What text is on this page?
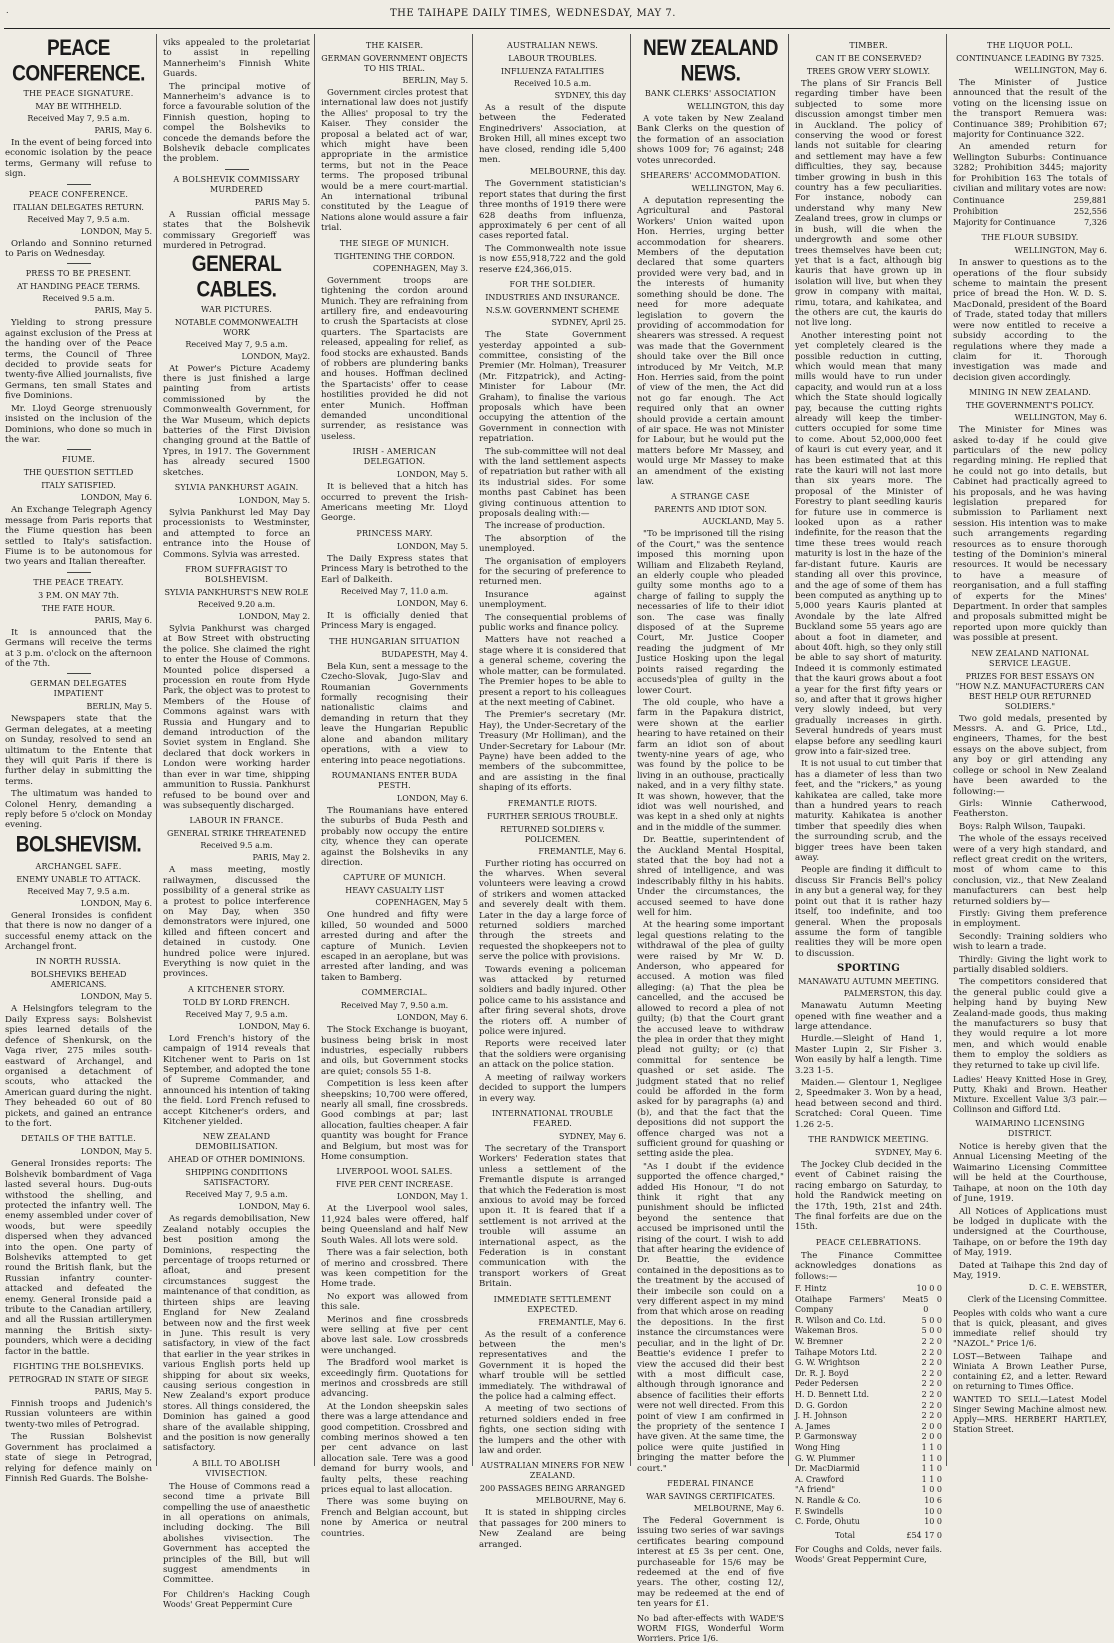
.	THE TAIHAPE DAILY TIMES, WEDNESDAY, MAY 7.
PEACE CONFERENCE.
THE PEACE SIGNATURE.
MAY BE WITHHELD.
Received May 7, 9.5 a.m.
PARIS, May 6.
In the event of being forced into economic isolation by the peace terms, Germany will refuse to sign.
PEACE CONFERENCE.
ITALIAN DELEGATES RETURN.
Received May 7, 9.5 a.m.
LONDON, May 5.
Orlando and Sonnino returned to Paris on Wednesday.
PRESS TO BE PRESENT.
AT HANDING PEACE TERMS.
Received 9.5 a.m.
PARIS, May 5.
Yielding to strong pressure against exclusion of the Press at the handing over of the Peace terms, the Council of Three decided to provide seats for twenty-five Allied journalists, five Germans, ten small States and five Dominions.
Mr. Lloyd George strenuously insisted on the inclusion of the Dominions, who done so much in the war.
FIUME.
THE QUESTION SETTLED
ITALY SATISFIED.
LONDON, May 6.
An Exchange Telegraph Agency message from Paris reports that the Fiume question has been settled to Italy's satisfaction. Fiume is to be autonomous for two years and Italian thereafter.
THE PEACE TREATY.
3 P.M. ON MAY 7th.
THE FATE HOUR.
PARIS, May 6.
It is announced that the Germans will receive the terms at 3 p.m. o'clock on the afternoon of the 7th.
GERMAN DELEGATES IMPATIENT
BERLIN, May 5.
Newspapers state that the German delegates, at a meeting on Sunday, resolved to send an ultimatum to the Entente that they will quit Paris if there is further delay in submitting the terms.
The ultimatum was handed to Colonel Henry, demanding a reply before 5 o'clock on Monday evening.
BOLSHEVISM.
ARCHANGEL SAFE.
ENEMY UNABLE TO ATTACK.
Received May 7, 9.5 a.m.
LONDON, May 6.
General Ironsides is confident that there is now no danger of a successful enemy attack on the Archangel front.
IN NORTH RUSSIA.
BOLSHEVIKS BEHEAD AMERICANS.
LONDON, May 5.
A Helsingfors telegram to the Daily Express says: Bolshevist spies learned details of the defence of Shenkursk, on the Vaga river, 275 miles south-eastward of Archangel, and organised a detachment of scouts, who attacked the American guard during the night. They beheaded 60 out of 80 pickets, and gained an entrance to the fort.
DETAILS OF THE BATTLE.
LONDON, May 5.
General Ironsides reports: The Bolshevik bombardment of Vaga lasted several hours. Dug-outs withstood the shelling, and protected the infantry well. The enemy assembled under cover of woods, but were speedily dispersed when they advanced into the open. One party of Bolsheviks attempted to get round the British flank, but the Russian infantry counter-attacked and defeated the enemy. General Ironside paid a tribute to the Canadian artillery, and all the Russian artillerymen manning the British sixty-pounders, which were a deciding factor in the battle.
FIGHTING THE BOLSHEVIKS.
PETROGRAD IN STATE OF SIEGE
PARIS, May 5.
Finnish troops and Judenich's Russian volunteers are within twenty-two miles of Petrograd.
The Russian Bolshevist Government has proclaimed a state of siege in Petrograd, relying for defence mainly on Finnish Red Guards. The Bolshe-
viks appealed to the proletariat to assist in repelling Mannerheim's Finnish White Guards.
The principal motive of Mannerheim's advance is to force a favourable solution of the Finnish question, hoping to compel the Bolsheviks to concede the demands before the Bolshevik debacle complicates the problem.
A BOLSHEVIK COMMISSARY MURDERED
PARIS May 5.
A Russian official message states that the Bolshevik commissary Gregorieff was murdered in Petrograd.
GENERAL CABLES.
WAR PICTURES.
NOTABLE COMMONWEALTH WORK
Received May 7, 9.5 a.m.
LONDON, May2.
At Power's Picture Academy there is just finished a large painting from artists commissioned by the Commonwealth Government, for the War Museum, which depicts batteries of the First Division changing ground at the Battle of Ypres, in 1917. The Government has already secured 1500 sketches.
SYLVIA PANKHURST AGAIN.
LONDON, May 5.
Sylvia Pankhurst led May Day processionists to Westminster, and attempted to force an entrance into the House of Commons. Sylvia was arrested.
FROM SUFFRAGIST TO BOLSHEVISM.
SYLVIA PANKHURST'S NEW ROLE
Received 9.20 a.m.
LONDON, May 2.
Sylvia Pankhurst was charged at Bow Street with obstructing the police. She claimed the right to enter the House of Commons. Mounted police dispersed a procession en route from Hyde Park, the object was to protest to Members of the House of Commons against wars with Russia and Hungary and to demand introduction of the Soviet system in England. She declared that dock workers in London were working harder than ever in war time, shipping ammunition to Russia. Pankhurst refused to be bound over and was subsequently discharged.
LABOUR IN FRANCE.
GENERAL STRIKE THREATENED
Received 9.5 a.m.
PARIS, May 2.
A mass meeting, mostly railwaymen, discussed the possibility of a general strike as a protest to police interference on May Day, when 350 demonstrators were injured, one killed and fifteen concert and detained in custody. One hundred police were injured. Everything is now quiet in the provinces.
A KITCHENER STORY.
TOLD BY LORD FRENCH.
Received May 7, 9.5 a.m.
LONDON, May 6.
Lord French's history of the campaign of 1914 reveals that Kitchener went to Paris on 1st September, and adopted the tone of Supreme Commander, and announced his intention of taking the field. Lord French refused to accept Kitchener's orders, and Kitchener yielded.
NEW ZEALAND DEMOBILISATION.
AHEAD OF OTHER DOMINIONS.
SHIPPING CONDITIONS SATISFACTORY.
Received May 7, 9.5 a.m.
LONDON, May 6.
As regards demobilisation, New Zealand notably occupies the best position among the Dominions, respecting the percentage of troops returned or afloat, and present circumstances suggest the maintenance of that condition, as thirteen ships are leaving England for New Zealand between now and the first week in June. This result is very satisfactory, in view of the fact that earlier in the year strikes in various English ports held up shipping for about six weeks, causing serious congestion in New Zealand's export produce stores. All things considered, the Dominion has gained a good share of the available shipping, and the position is now generally satisfactory.
A BILL TO ABOLISH VIVISECTION.
The House of Commons read a second time a private Bill compelling the use of anaesthetic in all operations on animals, including docking. The Bill abolishes vivisection. The Government has accepted the principles of the Bill, but will suggest amendments in Committee.
For Children's Hacking Cough Woods' Great Peppermint Cure
THE KAISER.
GERMAN GOVERNMENT OBJECTS TO HIS TRIAL.
BERLIN, May 5.
Government circles protest that international law does not justify the Allies' proposal to try the Kaiser. They consider the proposal a belated act of war, which might have been appropriate in the armistice terms, but not in the Peace terms. The proposed tribunal would be a mere court-martial. An international tribunal constituted by the League of Nations alone would assure a fair trial.
THE SIEGE OF MUNICH.
TIGHTENING THE CORDON.
COPENHAGEN, May 3.
Government troops are tightening the cordon around Munich. They are refraining from artillery fire, and endeavouring to crush the Spartacists at close quarters. The Spartacists are released, appealing for relief, as food stocks are exhausted. Bands of robbers are plundering banks and houses. Hoffman declined the Spartacists' offer to cease hostilities provided he did not enter Munich. Hoffman demanded unconditional surrender, as resistance was useless.
IRISH - AMERICAN DELEGATION.
LONDON, May 5.
It is believed that a hitch has occurred to prevent the Irish-Americans meeting Mr. Lloyd George.
PRINCESS MARY.
LONDON, May 5.
The Daily Express states that Princess Mary is betrothed to the Earl of Dalkeith.
Received May 7, 11.0 a.m.
LONDON, May 6.
It is officially denied that Princess Mary is engaged.
THE HUNGARIAN SITUATION
BUDAPESTH, May 4.
Bela Kun, sent a message to the Czecho-Slovak, Jugo-Slav and Roumanian Governments formally recognising their nationalistic claims and demanding in return that they leave the Hungarian Republic alone and abandon military operations, with a view to entering into peace negotiations.
ROUMANIANS ENTER BUDA PESTH.
LONDON, May 6.
The Roumanians have entered the suburbs of Buda Pesth and probably now occupy the entire city, whence they can operate against the Bolsheviks in any direction.
CAPTURE OF MUNICH.
HEAVY CASUALTY LIST
COPENHAGEN, May 5
One hundred and fifty were killed, 50 wounded and 5000 arrested during and after the capture of Munich. Levien escaped in an aeroplane, but was arrested after landing, and was taken to Bamberg.
COMMERCIAL.
Received May 7, 9.50 a.m.
LONDON, May 6.
The Stock Exchange is buoyant, business being brisk in most industries, especially rubbers and oils, but Government stocks are quiet; consols 55 1-8.
Competition is less keen after sheepskins; 10,700 were offered, nearly all small, fine crossbreds. Good combings at par; last allocation, faulties cheaper. A fair quantity was bought for France and Belgium, but most was for Home consumption.
LIVERPOOL WOOL SALES.
FIVE PER CENT INCREASE.
LONDON, May 1.
At the Liverpool wool sales, 11,924 bales were offered, half being Queensland and half New South Wales. All lots were sold.
There was a fair selection, both of merino and crossbred. There was keen competition for the Home trade.
No export was allowed from this sale.
Merinos and fine crossbreds were selling at five per cent above last sale. Low crossbreds were unchanged.
The Bradford wool market is exceedingly firm. Quotations for merinos and crossbreds are still advancing.
At the London sheepskin sales there was a large attendance and good competition. Crossbred and combing merinos showed a ten per cent advance on last allocation sale. Tere was a good demand for burry wools, and faulty pelts, these reaching prices equal to last allocation.
There was some buying on French and Belgian account, but none by America or neutral countries.
AUSTRALIAN NEWS.
LABOUR TROUBLES.
INFLUENZA FATALITIES
Received 10.5 a.m.
SYDNEY, this day
As a result of the dispute between the Federated Enginedrivers' Association, at Broken Hill, all mines except two have closed, rending idle 5,400 men.
MELBOURNE, this day.
The Government statistician's report states that during the first three months of 1919 there were 628 deaths from influenza, approximately 6 per cent of all cases reported fatal.
The Commonwealth note issue is now £55,918,722 and the gold reserve £24,366,015.
FOR THE SOLDIER.
INDUSTRIES AND INSURANCE.
N.S.W. GOVERNMENT SCHEME
SYDNEY, April 25.
The State Government yesterday appointed a sub-committee, consisting of the Premier (Mr. Holman), Treasurer (Mr. Fitzpatrick), and Acting-Minister for Labour (Mr. Graham), to finalise the various proposals which have been occupying the attention of the Government in connection with repatriation.
The sub-committee will not deal with the land settlement aspects of repatriation but rather with all its industrial sides. For some months past Cabinet has been giving continuous attention to proposals dealing with:—
The increase of production.
The absorption of the unemployed.
The organisation of employers for the securing of preference to returned men.
Insurance against unemployment.
The consequential problems of public works and finance policy.
Matters have not reached a stage where it is considered that a general scheme, covering the whole matter, can be formulated. The Premier hopes to be able to present a report to his colleagues at the next meeting of Cabinet.
The Premier's secretary (Mr. Hay), the Under-Secretary of the Treasury (Mr Holliman), and the Under-Secretary for Labour (Mr. Payne) have been added to the members of the subcommittee, and are assisting in the final shaping of its efforts.
FREMANTLE RIOTS.
FURTHER SERIOUS TROUBLE.
RETURNED SOLDIERS v. POLICEMEN.
FREMANTLE, May 6.
Further rioting has occurred on the wharves. When several volunteers were leaving a crowd of strikers and women attacked and severely dealt with them. Later in the day a large force of returned soldiers marched through the streets and requested the shopkeepers not to serve the police with provisions.
Towards evening a policeman was attacked by returned soldiers and badly injured. Other police came to his assistance and after firing several shots, drove the rioters off. A number of police were injured.
Reports were received later that the soldiers were organising an attack on the police station.
A meeting of railway workers decided to support the lumpers in every way.
INTERNATIONAL TROUBLE FEARED.
SYDNEY, May 6.
The secretary of the Transport Workers' Federation states that unless a settlement of the Fremantle dispute is arranged that which the Federation is most anxious to avoid may be forced upon it. It is feared that if a settlement is not arrived at the trouble will assume an international aspect, as the Federation is in constant communication with the transport workers of Great Britain.
IMMEDIATE SETTLEMENT EXPECTED.
FREMANTLE, May 6.
As the result of a conference between the men's representatives and the Government it is hoped the wharf trouble will be settled immediately. The withdrawal of the police had a calming effect.
A meeting of two sections of returned soldiers ended in free fights, one section siding with the lumpers and the other with law and order.
AUSTRALIAN MINERS FOR NEW ZEALAND.
200 PASSAGES BEING ARRANGED
MELBOURNE, May 6.
It is stated in shipping circles that passages for 200 miners to New Zealand are being arranged.
NEW ZEALAND NEWS.
BANK CLERKS' ASSOCIATION
WELLINGTON, this day
A vote taken by New Zealand Bank Clerks on the question of the formation of an association shows 1009 for; 76 against; 248 votes unrecorded.
SHEARERS' ACCOMMODATION.
WELLINGTON, May 6.
A deputation representing the Agricultural and Pastoral Workers' Union waited upon Hon. Herries, urging better accommodation for shearers. Members of the deputation declared that some quarters provided were very bad, and in the interests of humanity something should be done. The need for more adequate legislation to govern the providing of accommodation for shearers was stressed. A request was made that the Government should take over the Bill once introduced by Mr Veitch, M.P. Hon. Herries said, from the point of view of the men, the Act did not go far enough. The Act required only that an owner should provide a certain amount of air space. He was not Minister for Labour, but he would put the matters before Mr Massey, and would urge Mr Massey to make an amendment of the existing law.
A STRANGE CASE
PARENTS AND IDIOT SON.
AUCKLAND, May 5.
"To be imprisoned till the rising of the Court," was the sentence imposed this morning upon William and Elizabeth Reyland, an elderly couple who pleaded guilty some months ago to a charge of failing to supply the necessaries of life to their idiot son. The case was finally disposed of at the Supreme Court, Mr. Justice Cooper reading the judgment of Mr Justice Hosking upon the legal points raised regarding the accuseds'plea of guilty in the lower Court.
The old couple, who have a farm in the Papakura district, were shown at the earlier hearing to have retained on their farm an idiot son of about twenty-nine years of age, who was found by the police to be living in an outhouse, practically naked, and in a very filthy state. It was shown, however, that the idiot was well nourished, and was kept in a shed only at nights and in the middle of the summer.
Dr. Beattie, superintendent of the Auckland Mental Hospital, stated that the boy had not a shred of intelligence, and was indescribably filthy in his habits. Under the circumstances, the accused seemed to have done well for him.
At the hearing some important legal questions relating to the withdrawal of the plea of guilty were raised by Mr W. D. Anderson, who appeared for accused. A motion was filed alleging: (a) That the plea be cancelled, and the accused be allowed to record a plea of not guilty; (b) that the Court grant the accused leave to withdraw the plea in order that they might plead not guilty; or (c) that committal for sentence be quashed or set aside. The judgment stated that no relief could be afforded in the form asked for by paragraphs (a) and (b), and that the fact that the depositions did not support the offence charged was not a sufficient ground for quashing or setting aside the plea.
"As I doubt if the evidence supported the offence charged," added His Honour, "I do not think it right that any punishment should be inflicted beyond the sentence that accused be imprisoned until the rising of the court. I wish to add that after hearing the evidence of Dr. Beattie, the evidence contained in the depositions as to the treatment by the accused of their imbecile son could on a very different aspect in my mind from that which arose on reading the depositions. In the first instance the circumstances were peculiar, and in the light of Dr. Beattie's evidence I prefer to view the accused did their best with a most difficult case, although through ignorance and absence of facilities their efforts were not well directed. From this point of view I am confirmed in the propriety of the sentence I have given. At the same time, the police were quite justified in bringing the matter before the court."
FEDERAL FINANCE
WAR SAVINGS CERTIFICATES.
MELBOURNE, May 6.
The Federal Government is issuing two series of war savings certificates bearing compound interest at £5 3s per cent. One, purchaseable for 15/6 may be redeemed at the end of five years. The other, costing 12/, may be redeemed at the end of ten years for £1.
No bad after-effects with WADE'S WORM FIGS, Wonderful Worm Worriers. Price 1/6.
TIMBER.
CAN IT BE CONSERVED?
TREES GROW VERY SLOWLY.
The plans of Sir Francis Bell regarding timber have been subjected to some more discussion amongst timber men in Auckland. The policy of conserving the wood or forest lands not suitable for clearing and settlement may have a few difficulties, they say, because timber growing in bush in this country has a few peculiarities. For instance, nobody can understand why many New Zealand trees, grow in clumps or in bush, will die when the undergrowth and some other trees themselves have been cut; yet that is a fact, although big kauris that have grown up in isolation will live, but when they grow in company with maitai, rimu, totara, and kahikatea, and the others are cut, the kauris do not live long.
Another interesting point not yet completely cleared is the possible reduction in cutting, which would mean that many mills would have to run under capacity, and would run at a loss which the State should logically pay, because the cutting rights already will keep the timber-cutters occupied for some time to come. About 52,000,000 feet of kauri is cut every year, and it has been estimated that at this rate the kauri will not last more than six years more. The proposal of the Minister of Forestry to plant seedling kauris for future use in commerce is looked upon as a rather indefinite, for the reason that the time these trees would reach maturity is lost in the haze of the far-distant future. Kauris are standing all over this province, and the age of some of them has been computed as anything up to 5,000 years Kauris planted at Avondale by the late Alfred Buckland some 55 years ago are about a foot in diameter, and about 40ft. high, so they only still be able to say short of maturity. Indeed it is commonly estimated that the kauri grows about a foot a year for the first fifty years or so, and after that it grows higher very slowly indeed, but very gradually increases in girth. Several hundreds of years must elapse before any seedling kauri grow into a fair-sized tree.
It is not usual to cut timber that has a diameter of less than two feet, and the "rickers," as young kahikatea are called, take more than a hundred years to reach maturity. Kahikatea is another timber that speedily dies when the surrounding scrub, and the bigger trees have been taken away.
People are finding it difficult to discuss Sir Francis Bell's policy in any but a general way, for they point out that it is rather hazy itself, too indefinite, and too general. When the proposals assume the form of tangible realities they will be more open to discussion.
SPORTING
MANAWATU AUTUMN MEETING.
PALMERSTON, this day.
Manawatu Autumn Meeting opened with fine weather and a large attendance.
Hurdle.—Sleight of Hand 1, Master Lupin 2, Sir Fisher 3. Won easily by half a length. Time 3.23 1-5.
Maiden.— Glentour 1, Negligee 2, Speedmaker 3. Won by a head, head between second and third. Scratched: Coral Queen. Time 1.26 2-5.
THE RANDWICK MEETING.
SYDNEY, May 6.
The Jockey Club decided in the event of Cabinet raising the racing embargo on Saturday, to hold the Randwick meeting on the 17th, 19th, 21st and 24th. The final forfeits are due on the 15th.
PEACE CELEBRATIONS.
The Finance Committee acknowledges donations as follows:—
F. Hintz	10 0 0
Otaihape Farmers' Meat Company
5 0 0
R. Wilson and Co. Ltd.	5 0 0
Wakeman Bros.	5 0 0
W. Bremner	2 2 0
Taihape Motors Ltd.	2 2 0
G. W. Wrightson	2 2 0
Dr. R. J. Boyd	2 2 0
Peder Pedersen	2 2 0
H. D. Bennett Ltd.	2 2 0
D. G. Gordon	2 2 0
J. H. Johnson	2 2 0
A. James	2 0 0
P. Garmonsway	2 0 0
Wong Hing	1 1 0
G. W. Plummer	1 1 0
Dr. MacDiarmid	1 1 0
A. Crawford	1 1 0
"A friend"	1 0 0
N. Randle & Co.	10 6
F. Swindells	10 0
C. Forde, Ohutu	10 0
Total	£54 17 0
For Coughs and Colds, never fails. Woods' Great Peppermint Cure,
THE LIQUOR POLL.
CONTINUANCE LEADING BY 7325.
WELLINGTON, May 6.
The Minister of Justice announced that the result of the voting on the licensing issue on the transport Remuera was: Continuance 389; Prohibition 67; majority for Continuance 322.
An amended return for Wellington Suburbs: Continuance 3282; Prohibition 3445; majority for Prohibition 163 The totals of civilian and military votes are now:
Continuance	259,881
Prohibition	252,556
Majority for Continuance	7,326
THE FLOUR SUBSIDY.
WELLINGTON, May 6.
In answer to questions as to the operations of the flour subsidy scheme to maintain the present price of bread the Hon. W. D. S. MacDonald, president of the Board of Trade, stated today that millers were now entitled to receive a subsidy according to the regulations where they made a claim for it. Thorough investigation was made and decision given accordingly.
MINING IN NEW ZEALAND.
THE GOVERNMENT'S POLICY.
WELLINGTON, May 6.
The Minister for Mines was asked to-day if he could give particulars of the new policy regarding mining. He replied that he could not go into details, but Cabinet had practically agreed to his proposals, and he was having legislation prepared for submission to Parliament next session. His intention was to make such arrangements regarding resources as to ensure thorough testing of the Dominion's mineral resources. It would be necessary to have a measure of reorganisation, and a full staffing of experts for the Mines' Department. In order that samples and proposals submitted might be reported upon more quickly than was possible at present.
NEW ZEALAND NATIONAL SERVICE LEAGUE.
PRIZES FOR BEST ESSAYS ON "HOW N.Z. MANUFACTURERS CAN BEST HELP OUR RETURNED SOLDIERS."
Two gold medals, presented by Messrs. A. and G. Price, Ltd., engineers, Thames, for the best essays on the above subject, from any boy or girl attending any college or school in New Zealand have been awarded to the following:—
Girls: Winnie Catherwood, Featherston.
Boys: Ralph Wilson, Taupaki.
The whole of the essays received were of a very high standard, and reflect great credit on the writers, most of whom came to this conclusion, viz., that New Zealand manufacturers can best help returned soldiers by—
Firstly: Giving them preference in employment.
Secondly: Training soldiers who wish to learn a trade.
Thirdly: Giving the light work to partially disabled soldiers.
The competitors considered that the general public could give a helping hand by buying New Zealand-made goods, thus making the manufacturers so busy that they would require a lot more men, and which would enable them to employ the soldiers as they returned to take up civil life.
Ladies' Heavy Knitted Hose in Grey, Putty, Khaki and Brown. Heather Mixture. Excellent Value 3/3 pair.— Collinson and Gifford Ltd.
WAIMARINO LICENSING DISTRICT.
Notice is hereby given that the Annual Licensing Meeting of the Waimarino Licensing Committee will be held at the Courthouse, Taihape, at noon on the 10th day of June, 1919.
All Notices of Applications must be lodged in duplicate with the undersigned at the Courthouse, Taihape, on or before the 19th day of May, 1919.
Dated at Taihape this 2nd day of May, 1919.
D. C. E. WEBSTER,
Clerk of the Licensing Committee.
Peoples with colds who want a cure that is quick, pleasant, and gives immediate relief should try "NAZOL." Price 1/6.
LOST—Between Taihape and Winiata A Brown Leather Purse, containing £2, and a letter. Reward on returning to Times Office.
WANTED TO SELL—Latest Model Singer Sewing Machine almost new. Apply—MRS. HERBERT HARTLEY, Station Street.
